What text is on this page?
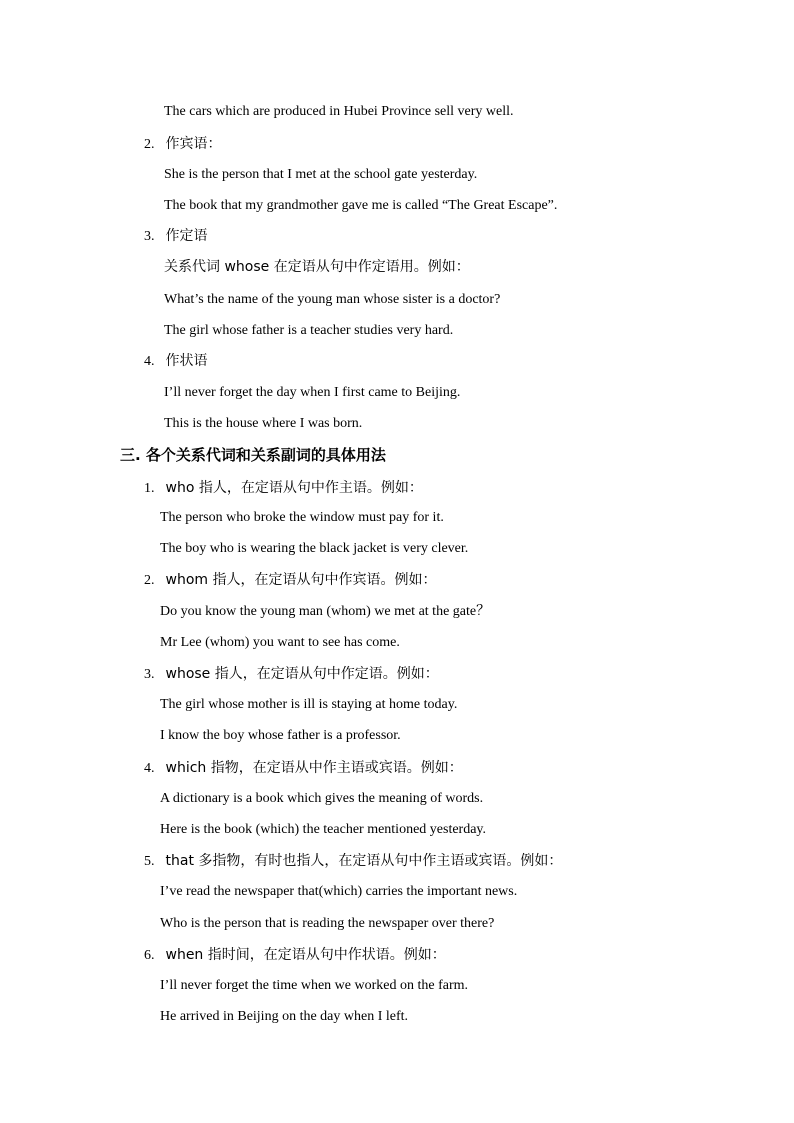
The cars which are produced in Hubei Province sell very well.
2. 作宾语：
She is the person that I met at the school gate yesterday.
The book that my grandmother gave me is called “The Great Escape”.
3. 作定语
关系代词 whose 在定语从句中作定语用。例如：
What’s the name of the young man whose sister is a doctor?
The girl whose father is a teacher studies very hard.
4. 作状语
I’ll never forget the day when I first came to Beijing.
This is the house where I was born.
三. 各个关系代词和关系副词的具体用法
1. who 指人，在定语从句中作主语。例如：
The person who broke the window must pay for it.
The boy who is wearing the black jacket is very clever.
2. whom 指人，在定语从句中作宾语。例如：
Do you know the young man (whom) we met at the gate？
Mr Lee (whom) you want to see has come.
3. whose 指人，在定语从句中作定语。例如：
The girl whose mother is ill is staying at home today.
I know the boy whose father is a professor.
4. which 指物，在定语从中作主语或宾语。例如：
A dictionary is a book which gives the meaning of words.
Here is the book (which) the teacher mentioned yesterday.
5. that 多指物，有时也指人，在定语从句中作主语或宾语。例如：
I’ve read the newspaper that(which) carries the important news.
Who is the person that is reading the newspaper over there?
6. when 指时间，在定语从句中作状语。例如：
I’ll never forget the time when we worked on the farm.
He arrived in Beijing on the day when I left.
